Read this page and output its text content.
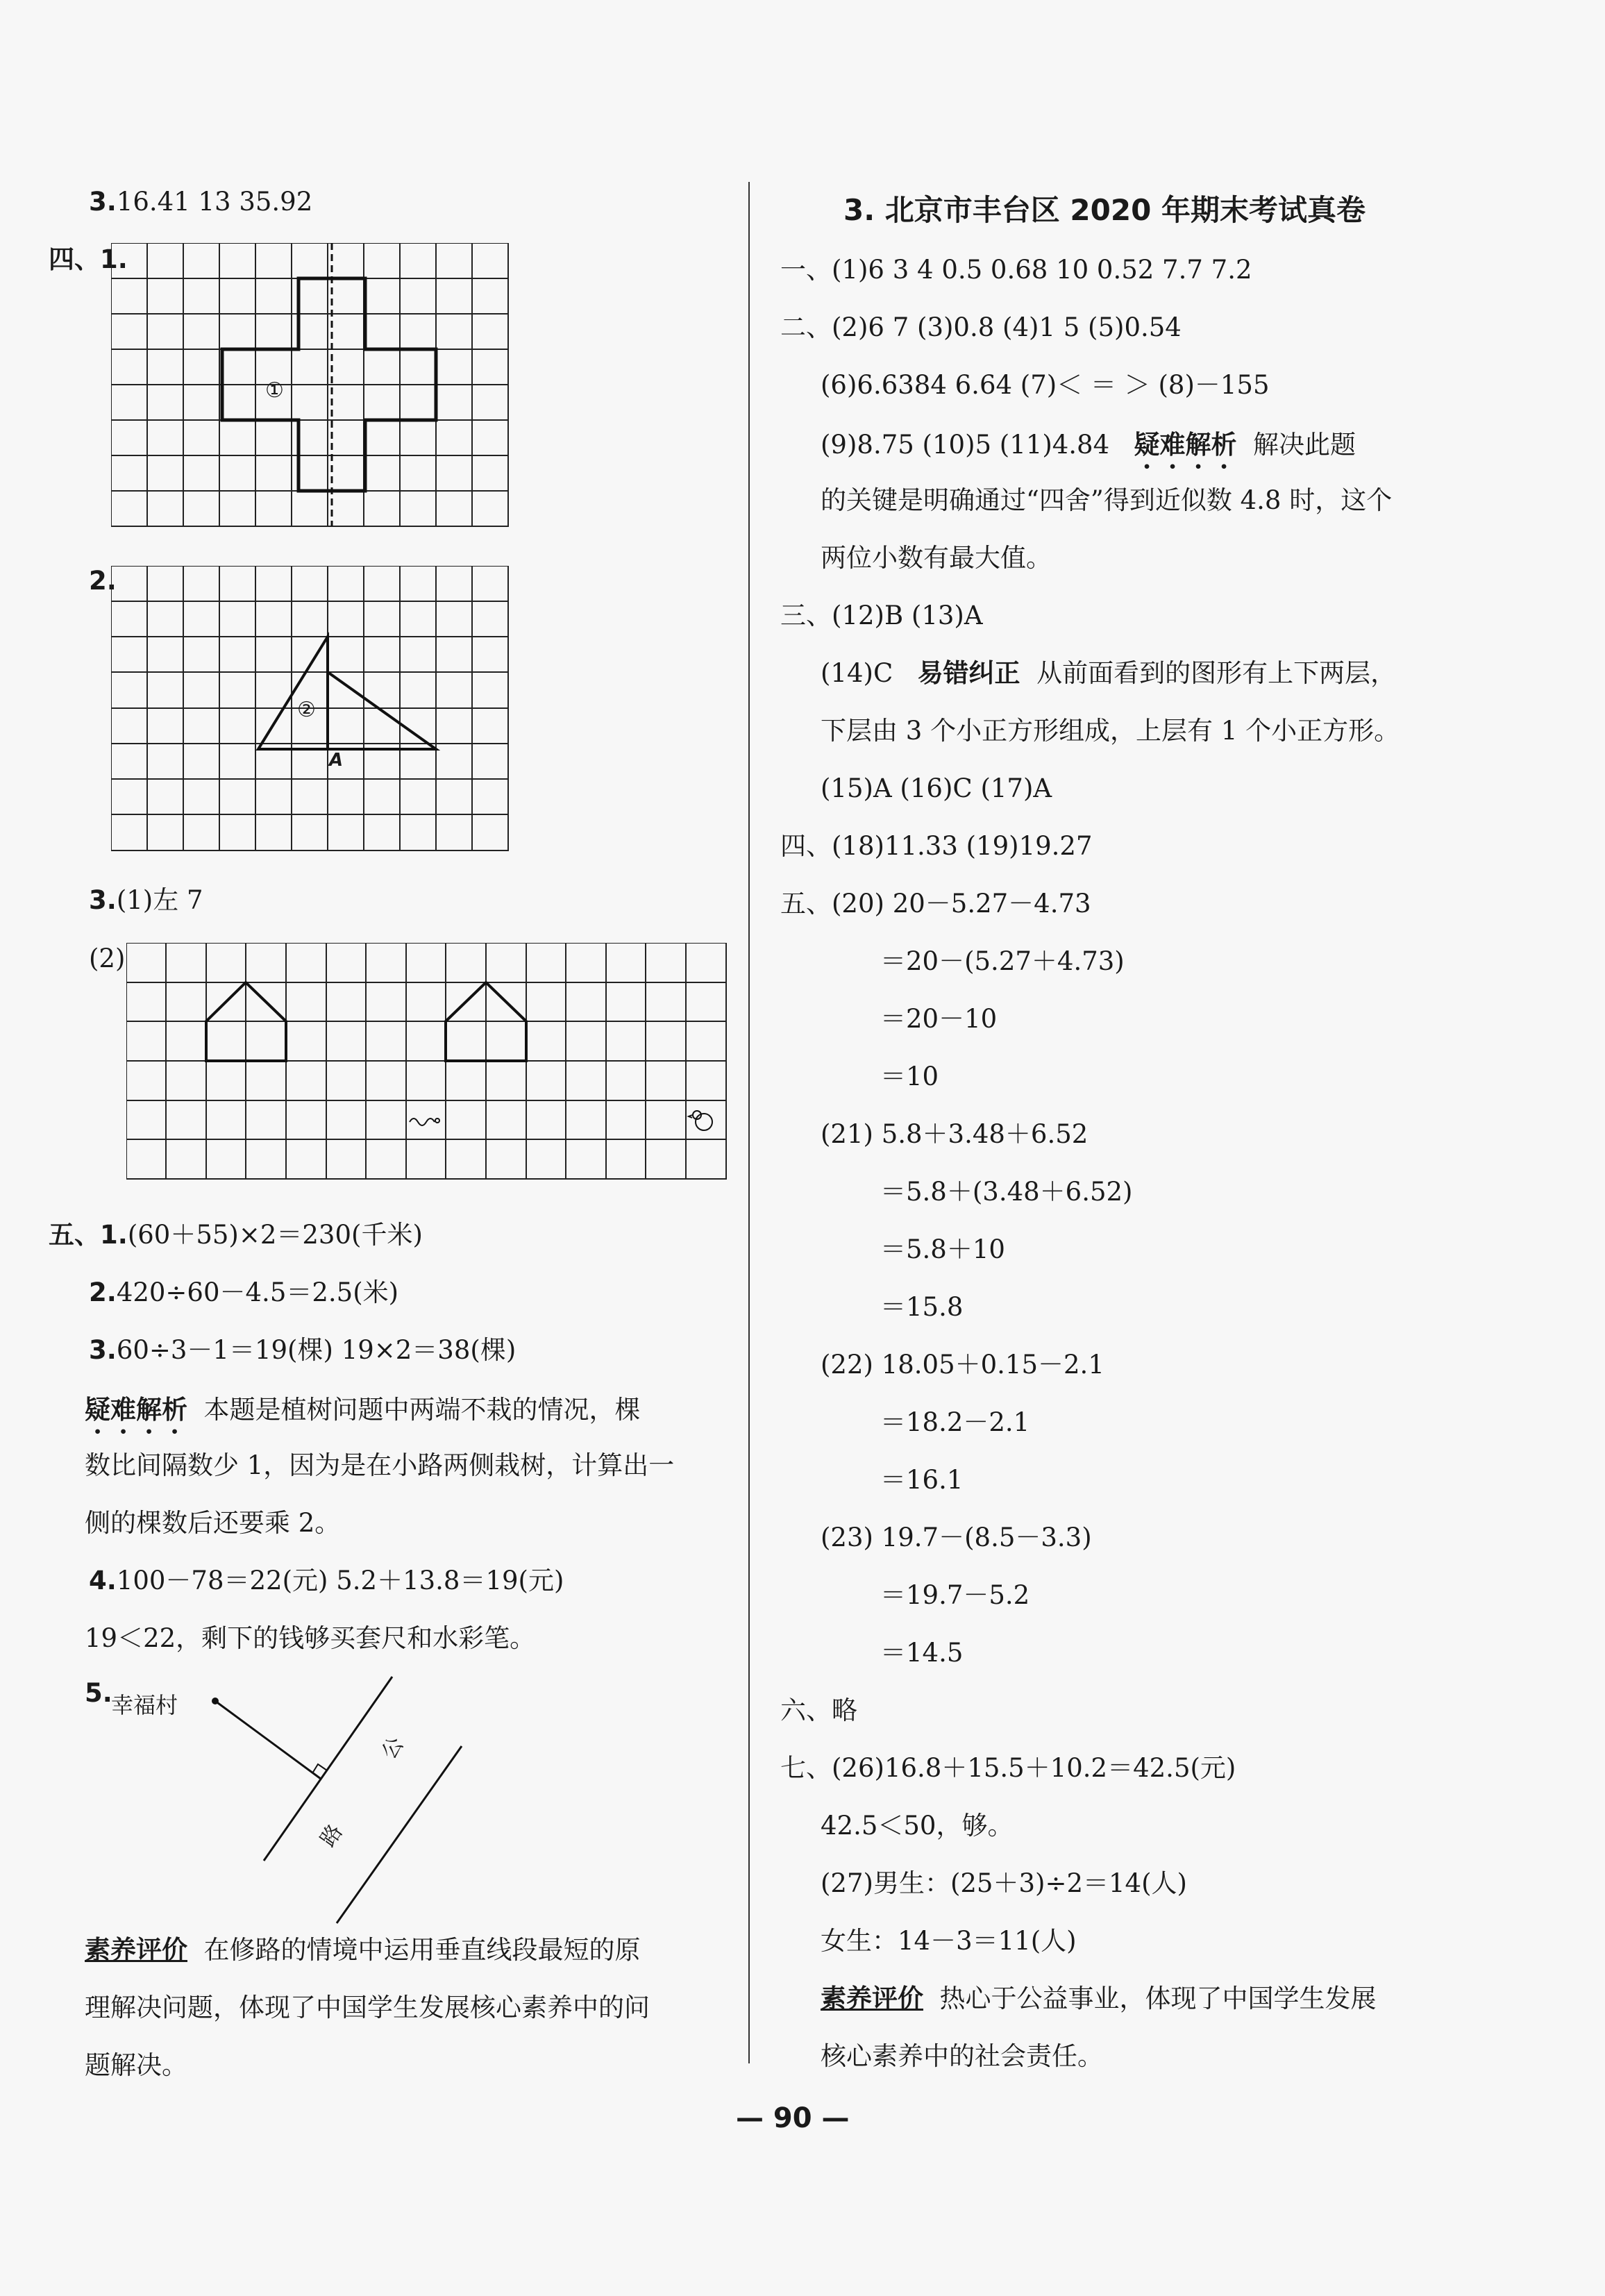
3.16.41 13 35.92
四、1.
①
2.
②
A
3.(1)左 7
(2)
五、1.(60＋55)×2＝230(千米)
2.420÷60－4.5＝2.5(米)
3.60÷3－1＝19(棵) 19×2＝38(棵)
疑难解析 本题是植树问题中两端不栽的情况，棵
数比间隔数少 1，因为是在小路两侧栽树，计算出一
侧的棵数后还要乘 2。
4.100－78＝22(元) 5.2＋13.8＝19(元)
19＜22，剩下的钱够买套尺和水彩笔。
5.
幸福村
公
路
素养评价 在修路的情境中运用垂直线段最短的原
理解决问题，体现了中国学生发展核心素养中的问
题解决。
3. 北京市丰台区 2020 年期末考试真卷
一、(1)6 3 4 0.5 0.68 10 0.52 7.7 7.2
二、(2)6 7 (3)0.8 (4)1 5 (5)0.54
(6)6.6384 6.64 (7)＜ ＝ ＞ (8)－155
(9)8.75 (10)5 (11)4.84 疑难解析 解决此题
的关键是明确通过“四舍”得到近似数 4.8 时，这个
两位小数有最大值。
三、(12)B (13)A
(14)C 易错纠正 从前面看到的图形有上下两层，
下层由 3 个小正方形组成，上层有 1 个小正方形。
(15)A (16)C (17)A
四、(18)11.33 (19)19.27
五、(20) 20－5.27－4.73
＝20－(5.27＋4.73)
＝20－10
＝10
(21) 5.8＋3.48＋6.52
＝5.8＋(3.48＋6.52)
＝5.8＋10
＝15.8
(22) 18.05＋0.15－2.1
＝18.2－2.1
＝16.1
(23) 19.7－(8.5－3.3)
＝19.7－5.2
＝14.5
六、略
七、(26)16.8＋15.5＋10.2＝42.5(元)
42.5＜50，够。
(27)男生：(25＋3)÷2＝14(人)
女生：14－3＝11(人)
素养评价 热心于公益事业，体现了中国学生发展
核心素养中的社会责任。
— 90 —
